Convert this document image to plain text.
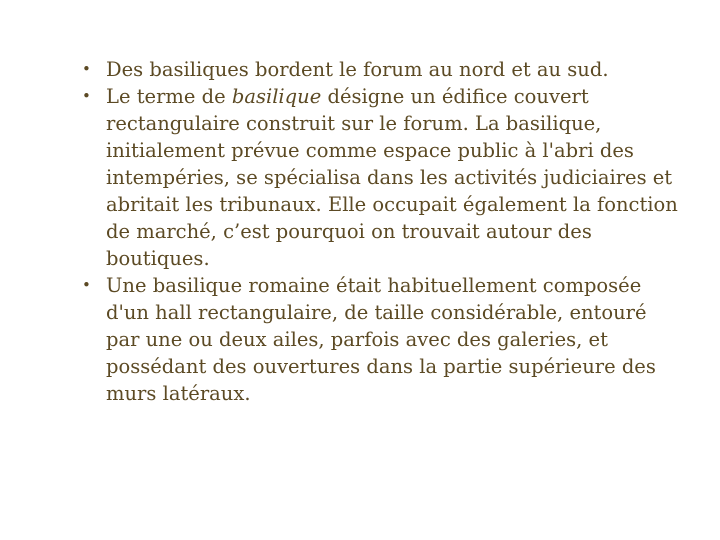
• Des basiliques bordent le forum au nord et au sud.
• Le terme de basilique désigne un édifice couvert rectangulaire construit sur le forum. La basilique, initialement prévue comme espace public à l'abri des intempéries, se spécialisa dans les activités judiciaires et abritait les tribunaux. Elle occupait également la fonction de marché, c’est pourquoi on trouvait autour des boutiques.
• Une basilique romaine était habituellement composée d'un hall rectangulaire, de taille considérable, entouré par une ou deux ailes, parfois avec des galeries, et possédant des ouvertures dans la partie supérieure des murs latéraux.
